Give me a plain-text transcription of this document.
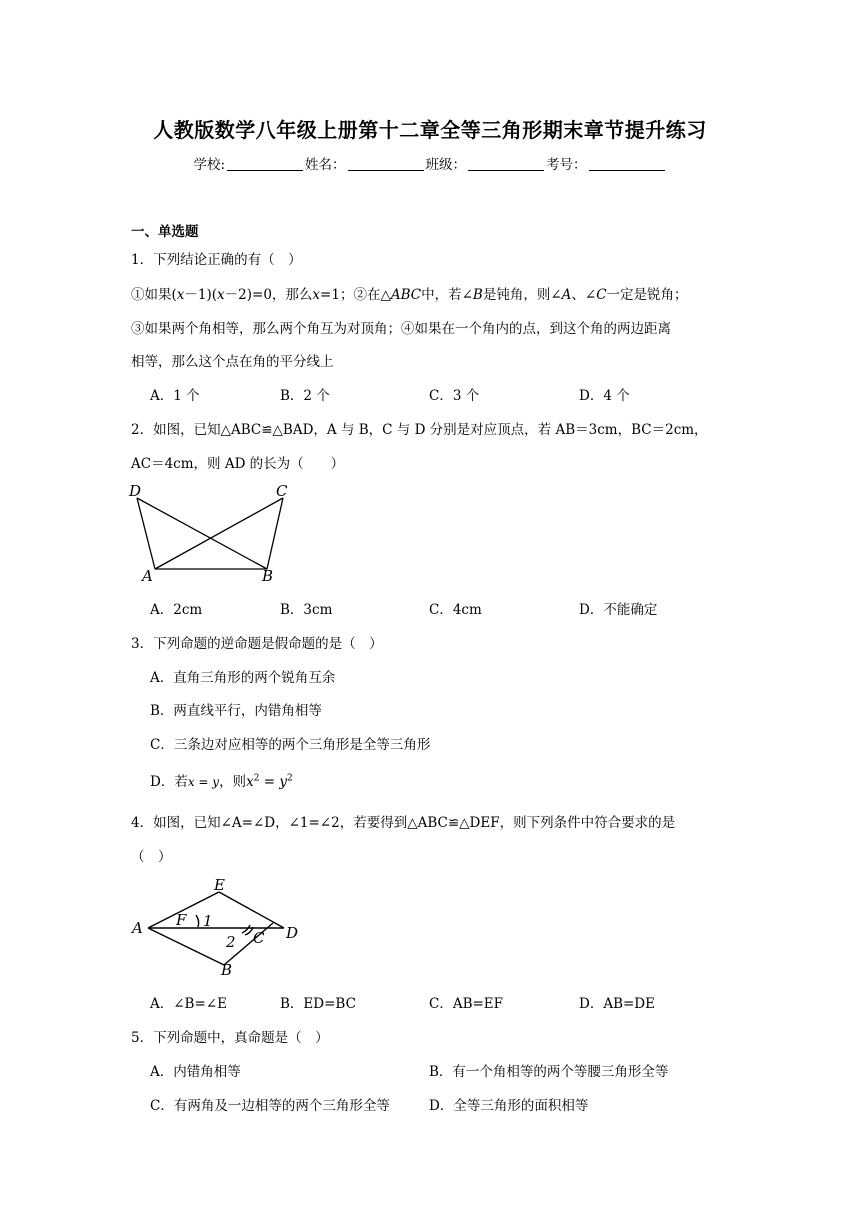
人教版数学八年级上册第十二章全等三角形期末章节提升练习
学校:	姓名：	班级：	考号：
一、单选题
1．下列结论正确的有（　）
①如果(x－1)(x－2)=0，那么x=1；②在△ABC中，若∠B是钝角，则∠A、∠C一定是锐角；
③如果两个角相等，那么两个角互为对顶角；④如果在一个角内的点，到这个角的两边距离
相等，那么这个点在角的平分线上
A．1 个	B．2 个	C．3 个	D．4 个
2．如图，已知△ABC≌△BAD，A 与 B，C 与 D 分别是对应顶点，若 AB＝3cm，BC＝2cm，
AC＝4cm，则 AD 的长为（　　）
D	C
A	B
A．2cm	B．3cm	C．4cm	D．不能确定
3．下列命题的逆命题是假命题的是（　）
A．直角三角形的两个锐角互余
B．两直线平行，内错角相等
C．三条边对应相等的两个三角形是全等三角形
D．若x = y，则$x^2 = y^2$
4．如图，已知∠A=∠D，∠1=∠2，若要得到△ABC≌△DEF，则下列条件中符合要求的是
（　）
E
F 1
A
2 C D
B
A．∠B=∠E	B．ED=BC	C．AB=EF	D．AB=DE
5．下列命题中，真命题是（　）
A．内错角相等	B．有一个角相等的两个等腰三角形全等
C．有两角及一边相等的两个三角形全等	D．全等三角形的面积相等
